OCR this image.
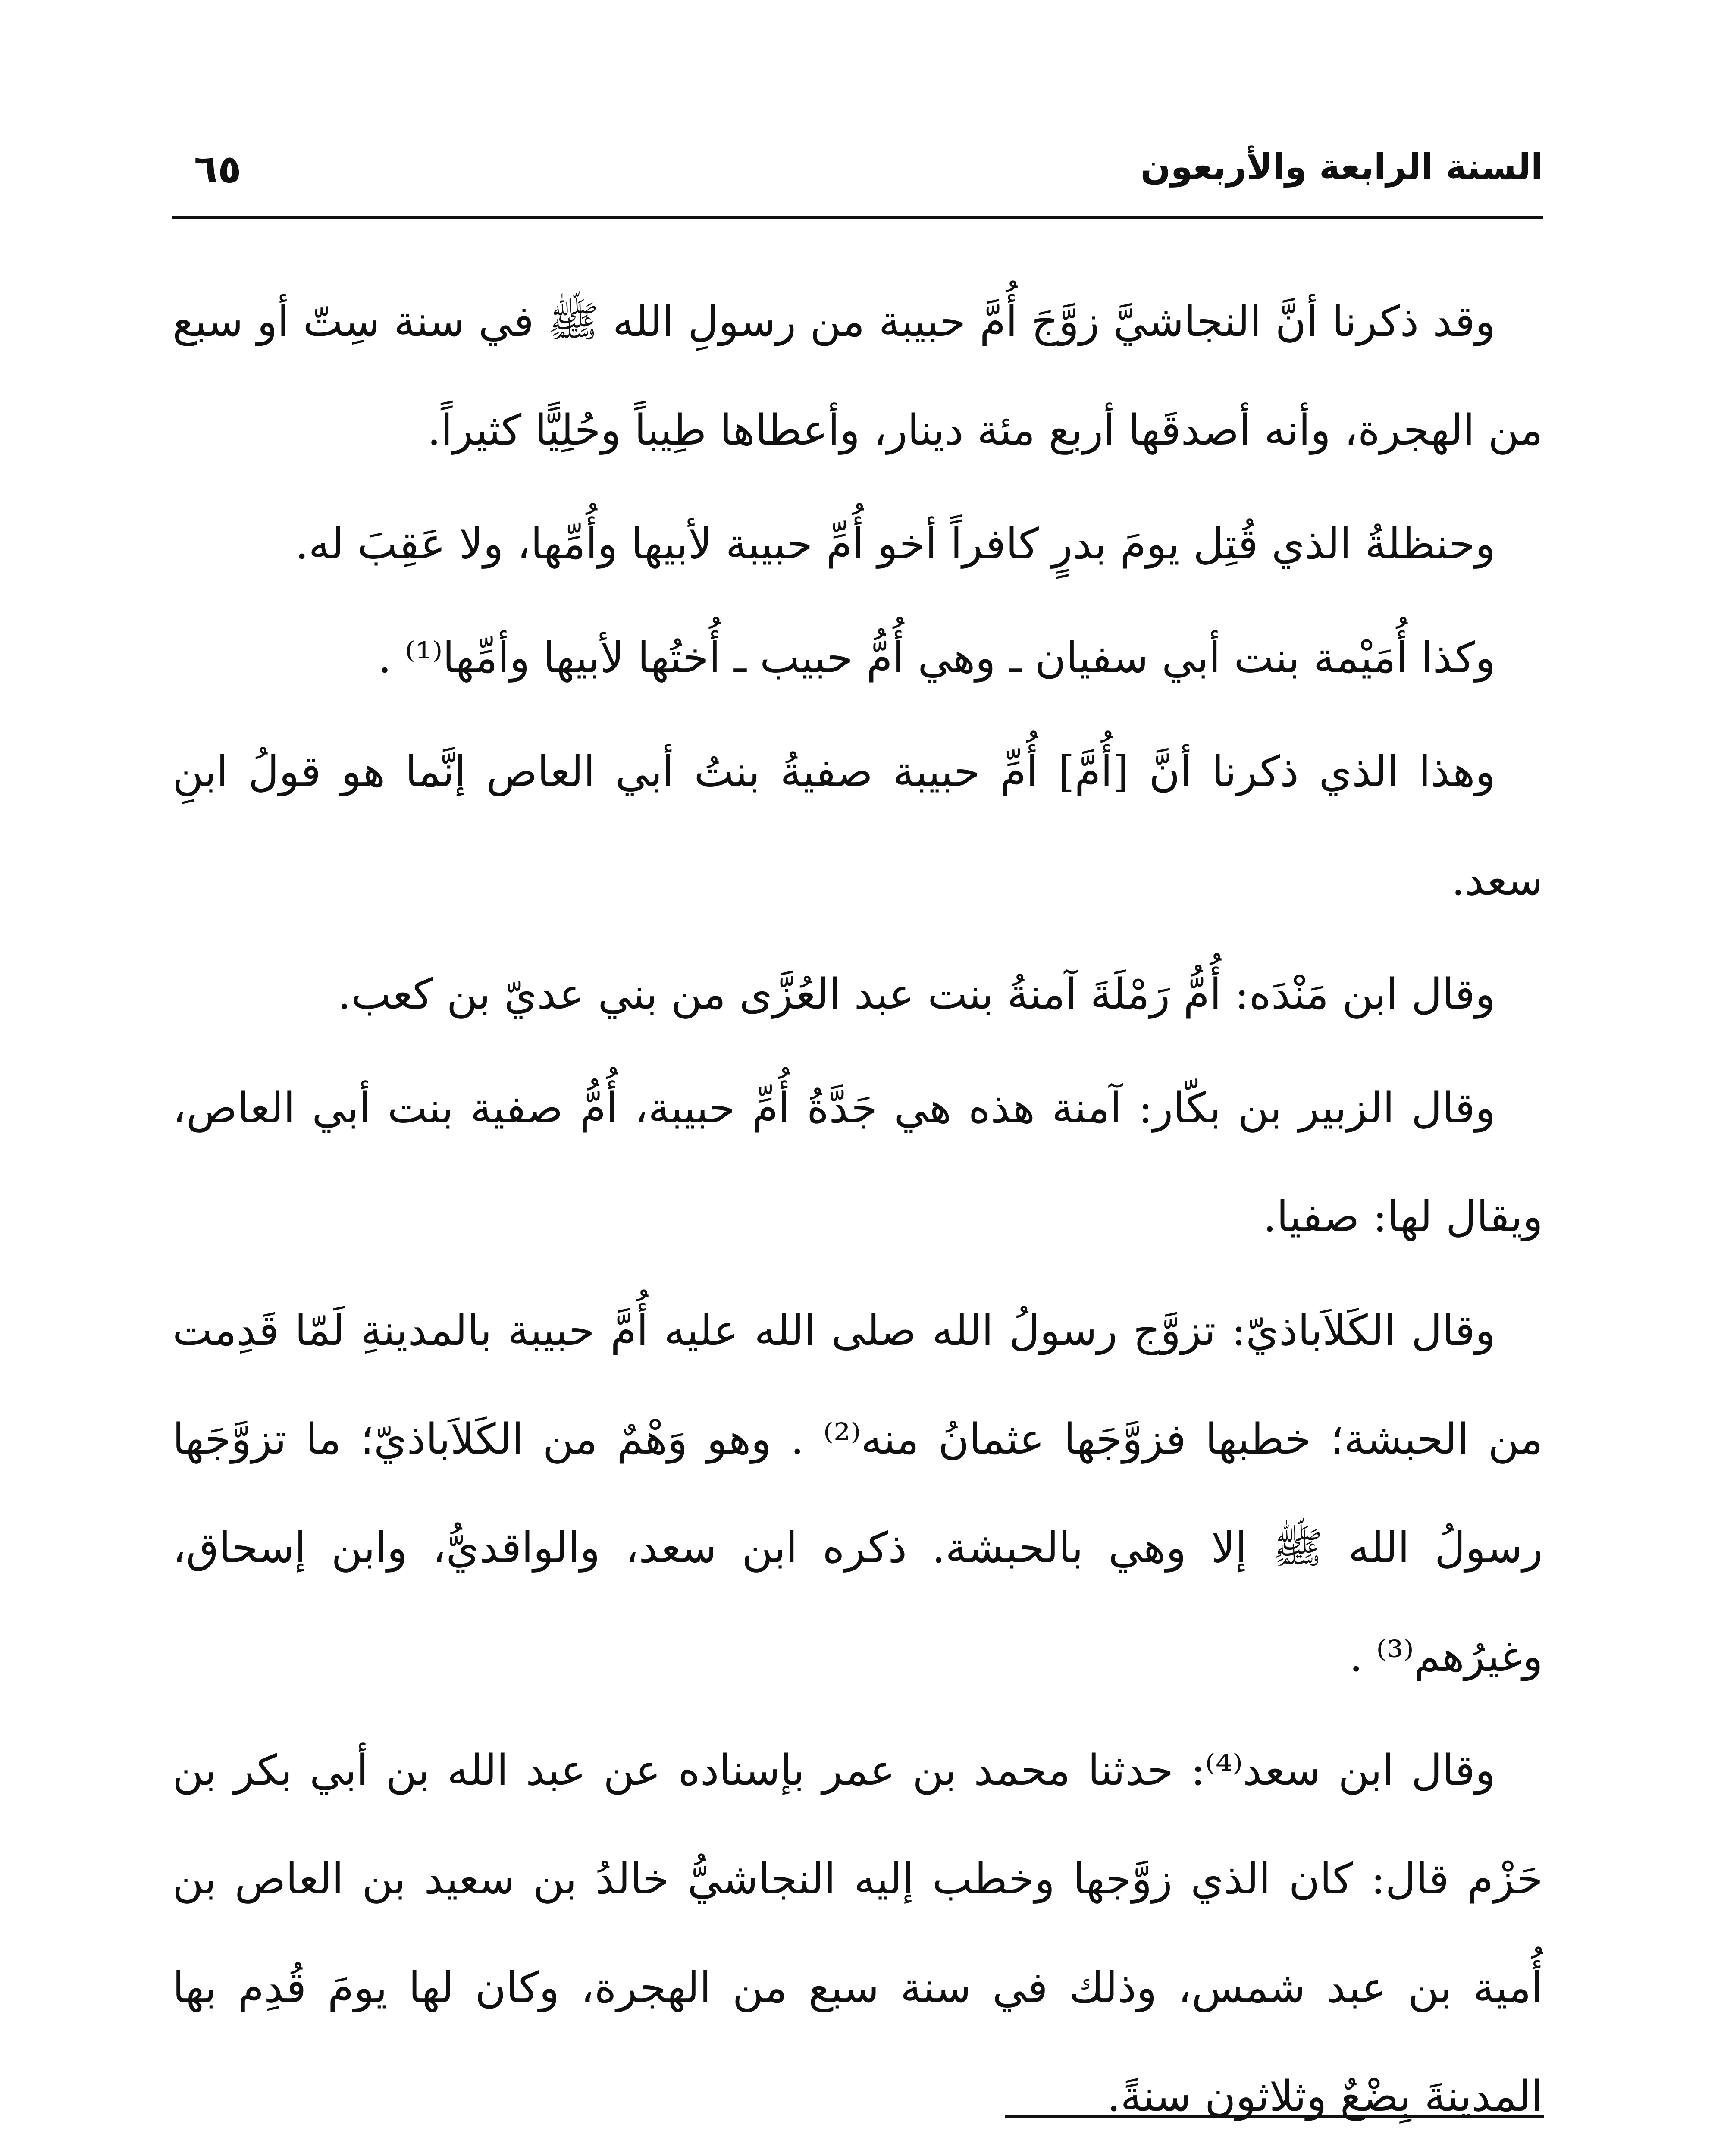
السنة الرابعة والأربعون
٦٥

وقد ذكرنا أنَّ النجاشيَّ زوَّجَ أُمَّ حبيبة من رسولِ الله ﷺ في سنة سِتّ أو سبع من الهجرة، وأنه أصدقَها أربع مئة دينار، وأعطاها طِيباً وحُلِيًّا كثيراً.

وحنظلةُ الذي قُتِل يومَ بدرٍ كافراً أخو أُمِّ حبيبة لأبيها وأُمِّها، ولا عَقِبَ له.

وكذا أُمَيْمة بنت أبي سفيان ـ وهي أُمُّ حبيب ـ أُختُها لأبيها وأمِّها⁽¹⁾ .

وهذا الذي ذكرنا أنَّ [أُمَّ] أُمِّ حبيبة صفيةُ بنتُ أبي العاص إنَّما هو قولُ ابنِ سعد.

وقال ابن مَنْدَه: أُمُّ رَمْلَةَ آمنةُ بنت عبد العُزَّى من بني عديّ بن كعب.

وقال الزبير بن بكّار: آمنة هذه هي جَدَّةُ أُمِّ حبيبة، أُمُّ صفية بنت أبي العاص، ويقال لها: صفيا.

وقال الكَلاَباذيّ: تزوَّج رسولُ الله صلى الله عليه أُمَّ حبيبة بالمدينةِ لَمّا قَدِمت من الحبشة؛ خطبها فزوَّجَها عثمانُ منه⁽²⁾ . وهو وَهْمٌ من الكَلاَباذيّ؛ ما تزوَّجَها رسولُ الله ﷺ إلا وهي بالحبشة. ذكره ابن سعد، والواقديُّ، وابن إسحاق، وغيرُهم⁽³⁾ .

وقال ابن سعد⁽⁴⁾: حدثنا محمد بن عمر بإسناده عن عبد الله بن أبي بكر بن حَزْم قال: كان الذي زوَّجها وخطب إليه النجاشيُّ خالدُ بن سعيد بن العاص بن أُمية بن عبد شمس، وذلك في سنة سبع من الهجرة، وكان لها يومَ قُدِم بها المدينةَ بِضْعٌ وثلاثون سنةً.
